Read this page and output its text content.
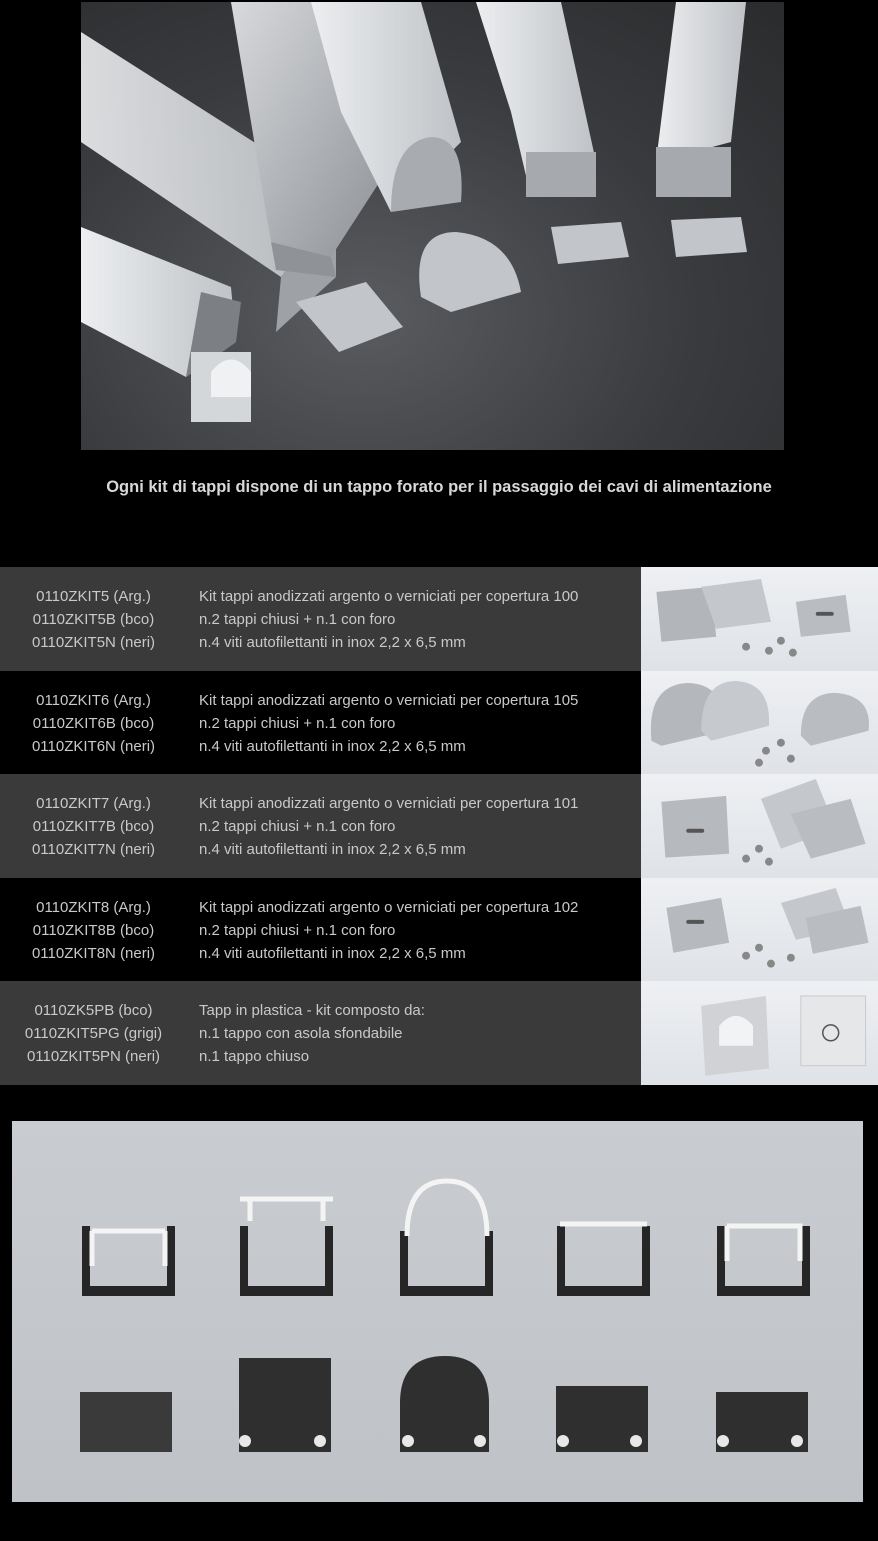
Ogni kit di tappi dispone di un tappo forato per il passaggio dei cavi di alimentazione
0110ZKIT5 (Arg.)
0110ZKIT5B (bco)
0110ZKIT5N (neri)
Kit tappi anodizzati argento o verniciati per copertura 100
n.2 tappi chiusi + n.1 con foro
n.4 viti autofilettanti in inox 2,2 x 6,5 mm
0110ZKIT6 (Arg.)
0110ZKIT6B (bco)
0110ZKIT6N (neri)
Kit tappi anodizzati argento o verniciati per copertura 105
n.2 tappi chiusi + n.1 con foro
n.4 viti autofilettanti in inox 2,2 x 6,5 mm
0110ZKIT7 (Arg.)
0110ZKIT7B (bco)
0110ZKIT7N (neri)
Kit tappi anodizzati argento o verniciati per copertura 101
n.2 tappi chiusi + n.1 con foro
n.4 viti autofilettanti in inox 2,2 x 6,5 mm
0110ZKIT8 (Arg.)
0110ZKIT8B (bco)
0110ZKIT8N (neri)
Kit tappi anodizzati argento o verniciati per copertura 102
n.2 tappi chiusi + n.1 con foro
n.4 viti autofilettanti in inox 2,2 x 6,5 mm
0110ZK5PB (bco)
0110ZKIT5PG (grigi)
0110ZKIT5PN (neri)
Tapp in plastica - kit composto da:
n.1 tappo con asola sfondabile
n.1 tappo chiuso
